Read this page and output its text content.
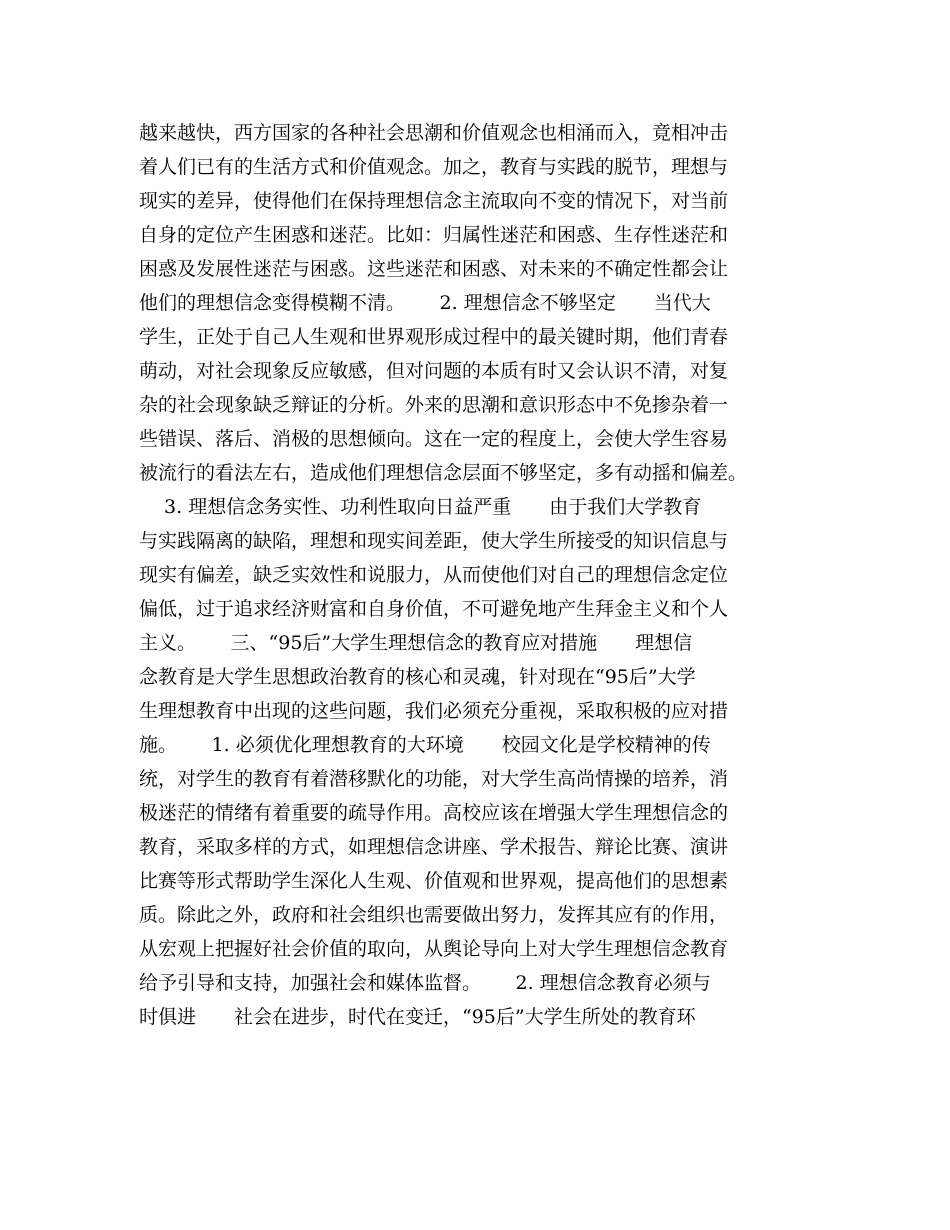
越来越快，西方国家的各种社会思潮和价值观念也相涌而入，竟相冲击
着人们已有的生活方式和价值观念。加之，教育与实践的脱节，理想与
现实的差异，使得他们在保持理想信念主流取向不变的情况下，对当前
自身的定位产生困惑和迷茫。比如：归属性迷茫和困惑、生存性迷茫和
困惑及发展性迷茫与困惑。这些迷茫和困惑、对未来的不确定性都会让
他们的理想信念变得模糊不清。　　 2. 理想信念不够坚定　　当代大
学生，正处于自己人生观和世界观形成过程中的最关键时期，他们青春
萌动，对社会现象反应敏感，但对问题的本质有时又会认识不清，对复
杂的社会现象缺乏辩证的分析。外来的思潮和意识形态中不免掺杂着一
些错误、落后、消极的思想倾向。这在一定的程度上，会使大学生容易
被流行的看法左右，造成他们理想信念层面不够坚定，多有动摇和偏差。
　 3. 理想信念务实性、功利性取向日益严重　　由于我们大学教育
与实践隔离的缺陷，理想和现实间差距，使大学生所接受的知识信息与
现实有偏差，缺乏实效性和说服力，从而使他们对自己的理想信念定位
偏低，过于追求经济财富和自身价值，不可避免地产生拜金主义和个人
主义。　　 三、“95后”大学生理想信念的教育应对措施　　理想信
念教育是大学生思想政治教育的核心和灵魂，针对现在“95后”大学
生理想教育中出现的这些问题，我们必须充分重视，采取积极的应对措
施。　　 1. 必须优化理想教育的大环境　　校园文化是学校精神的传
统，对学生的教育有着潜移默化的功能，对大学生高尚情操的培养，消
极迷茫的情绪有着重要的疏导作用。高校应该在增强大学生理想信念的
教育，采取多样的方式，如理想信念讲座、学术报告、辩论比赛、演讲
比赛等形式帮助学生深化人生观、价值观和世界观，提高他们的思想素
质。除此之外，政府和社会组织也需要做出努力，发挥其应有的作用，
从宏观上把握好社会价值的取向，从舆论导向上对大学生理想信念教育
给予引导和支持，加强社会和媒体监督。　　 2. 理想信念教育必须与
时俱进　　社会在进步，时代在变迁，“95后”大学生所处的教育环
